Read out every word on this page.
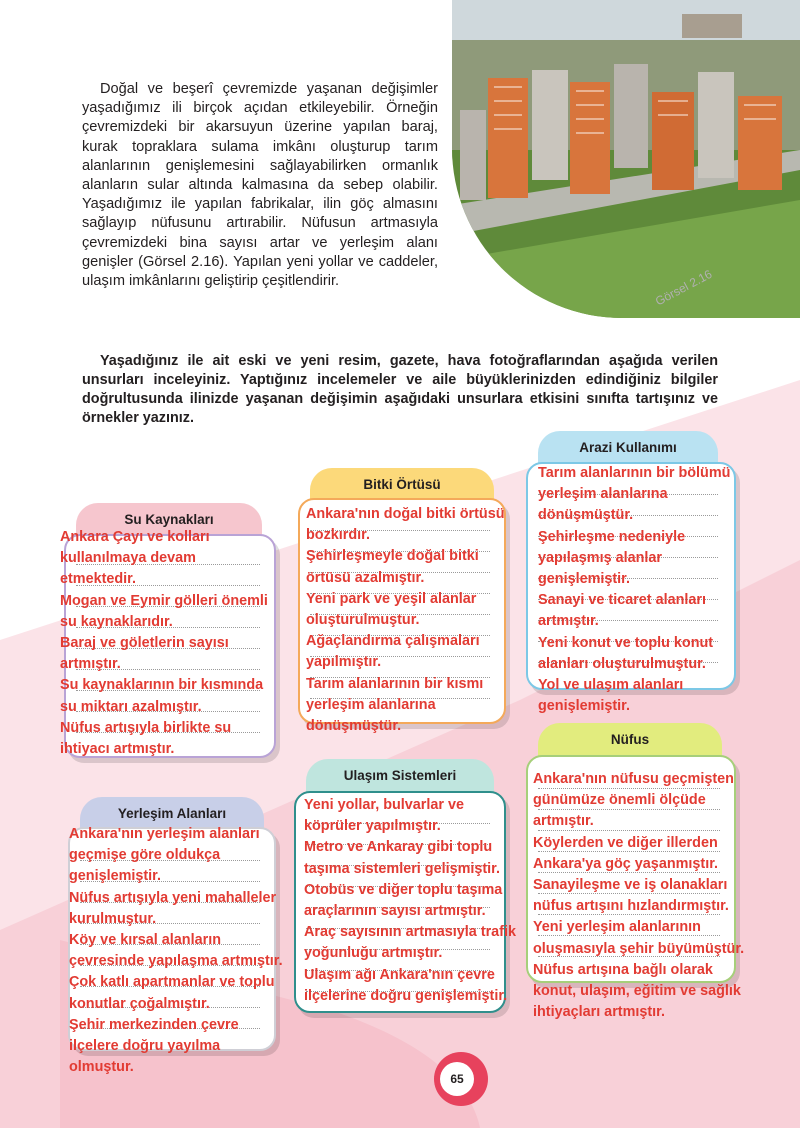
Doğal ve beşerî çevremizde yaşanan değişimler yaşadığımız ili birçok açıdan etkileyebilir. Örneğin çevremizdeki bir akarsuyun üzerine yapılan baraj, kurak topraklara sulama imkânı oluşturup tarım alanlarının genişlemesini sağlayabilirken ormanlık alanların sular altında kalmasına da sebep olabilir. Yaşadığımız ile yapılan fabrikalar, ilin göç almasını sağlayıp nüfusunu artırabilir. Nüfusun artmasıyla çevremizdeki bina sayısı artar ve yerleşim alanı genişler (Görsel 2.16). Yapılan yeni yollar ve caddeler, ulaşım imkânlarını geliştirip çeşitlendirir.	Görsel 2.16

Yaşadığınız ile ait eski ve yeni resim, gazete, hava fotoğraflarından aşağıda verilen unsurları inceleyiniz. Yaptığınız incelemeler ve aile büyüklerinizden edindiğiniz bilgiler doğrultusunda ilinizde yaşanan değişimin aşağıdaki unsurlara etkisini sınıfta tartışınız ve örnekler yazınız.

Su Kaynakları
Bitki Örtüsü
Arazi Kullanımı
Nüfus
Ulaşım Sistemleri
Yerleşim Alanları

Ankara Çayı ve kolları kullanılmaya devam etmektedir.
Mogan ve Eymir gölleri önemli su kaynaklarıdır.
Baraj ve göletlerin sayısı artmıştır.
Su kaynaklarının bir kısmında su miktarı azalmıştır.
Nüfus artışıyla birlikte su ihtiyacı artmıştır.

Ankara'nın doğal bitki örtüsü bozkırdır.
Şehirleşmeyle doğal bitki örtüsü azalmıştır.
Yeni park ve yeşil alanlar oluşturulmuştur.
Ağaçlandırma çalışmaları yapılmıştır.
Tarım alanlarının bir kısmı yerleşim alanlarına dönüşmüştür.

Tarım alanlarının bir bölümü yerleşim alanlarına dönüşmüştür.
Şehirleşme nedeniyle yapılaşmış alanlar genişlemiştir.
Sanayi ve ticaret alanları artmıştır.
Yeni konut ve toplu konut alanları oluşturulmuştur.
Yol ve ulaşım alanları genişlemiştir.

Yeni yollar, bulvarlar ve köprüler yapılmıştır.
Metro ve Ankaray gibi toplu taşıma sistemleri gelişmiştir.
Otobüs ve diğer toplu taşıma araçlarının sayısı artmıştır.
Araç sayısının artmasıyla trafik yoğunluğu artmıştır.
Ulaşım ağı Ankara'nın çevre ilçelerine doğru genişlemiştir.

Ankara'nın yerleşim alanları geçmişe göre oldukça genişlemiştir.
Nüfus artışıyla yeni mahalleler kurulmuştur.
Köy ve kırsal alanların çevresinde yapılaşma artmıştır.
Çok katlı apartmanlar ve toplu konutlar çoğalmıştır.
Şehir merkezinden çevre ilçelere doğru yayılma olmuştur.

Ankara'nın nüfusu geçmişten günümüze önemli ölçüde artmıştır.
Köylerden ve diğer illerden Ankara'ya göç yaşanmıştır.
Sanayileşme ve iş olanakları nüfus artışını hızlandırmıştır.
Yeni yerleşim alanlarının oluşmasıyla şehir büyümüştür.
Nüfus artışına bağlı olarak konut, ulaşım, eğitim ve sağlık ihtiyaçları artmıştır.

65
